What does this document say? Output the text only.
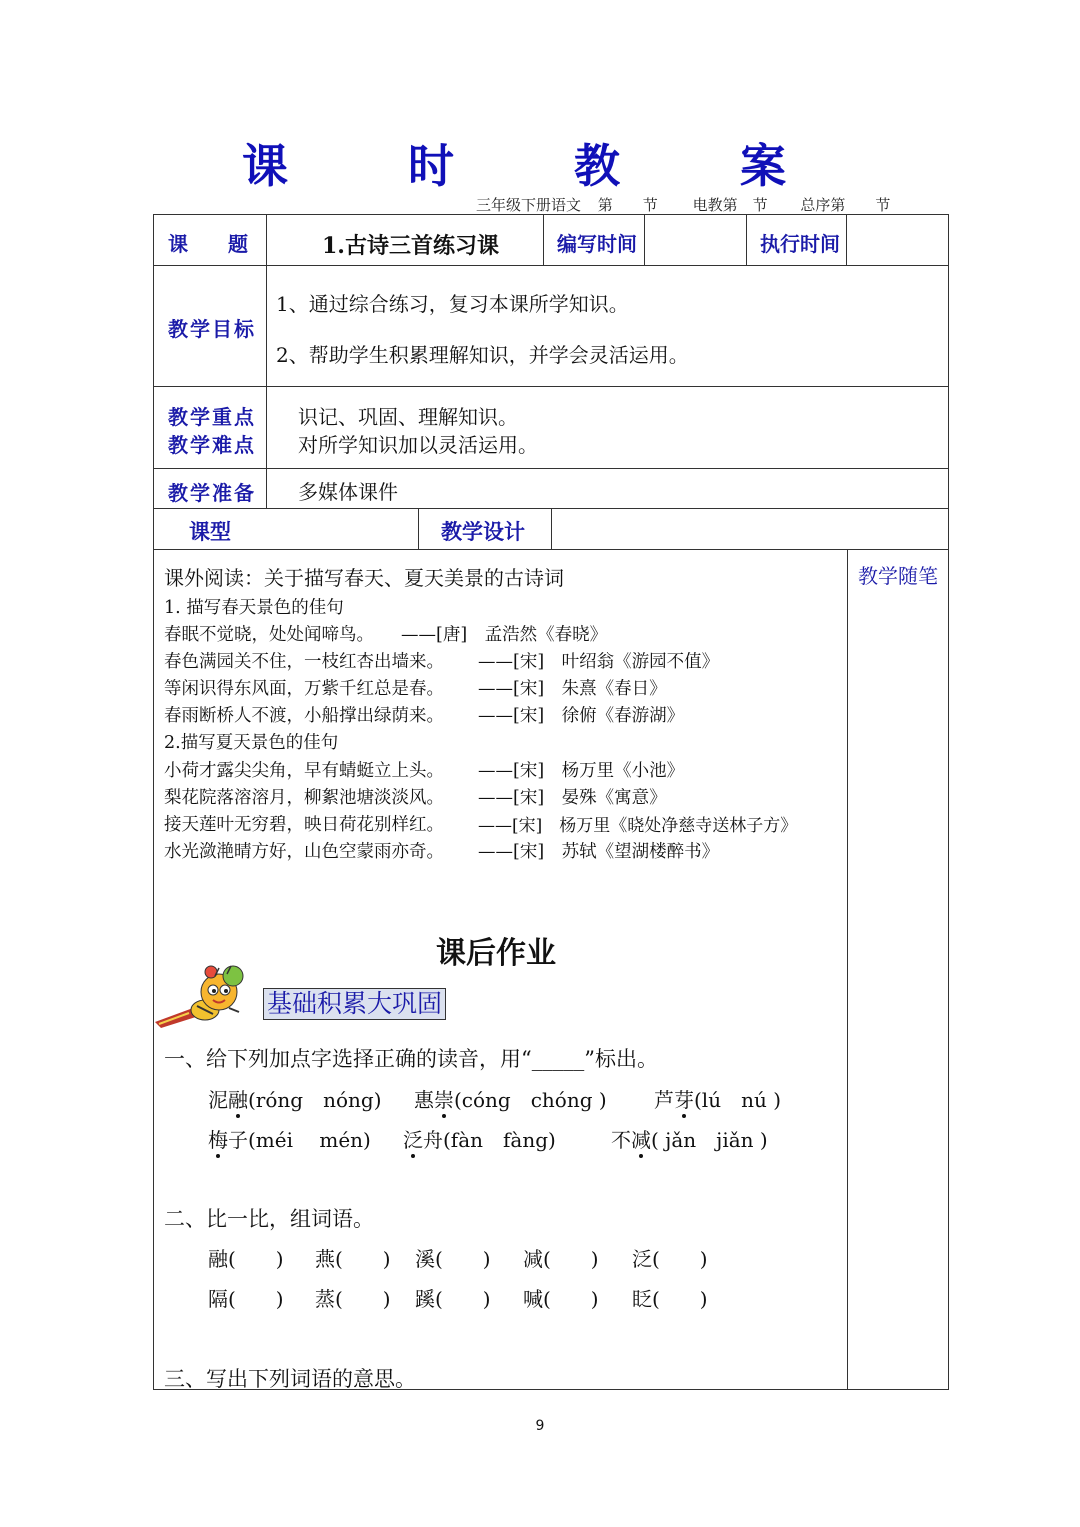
课 时 教 案
三年级下册语文 第　　节 电教第　节 总序第　　节
课　　题	1.古诗三首练习课	编写时间	执行时间
教学目标
1、通过综合练习，复习本课所学知识。
2、帮助学生积累理解知识，并学会灵活运用。
教学重点
教学难点
识记、巩固、理解知识。
对所学知识加以灵活运用。
教学准备 多媒体课件
课型	教学设计
教学随笔
课外阅读：关于描写春天、夏天美景的古诗词
1. 描写春天景色的佳句
春眠不觉晓，处处闻啼鸟。 ——[唐]　孟浩然《春晓》
春色满园关不住，一枝红杏出墙来。 ——[宋]　叶绍翁《游园不值》
等闲识得东风面，万紫千红总是春。 ——[宋]　朱熹《春日》
春雨断桥人不渡，小船撑出绿荫来。 ——[宋]　徐俯《春游湖》
2.描写夏天景色的佳句
小荷才露尖尖角，早有蜻蜓立上头。 ——[宋]　杨万里《小池》
梨花院落溶溶月，柳絮池塘淡淡风。 ——[宋]　晏殊《寓意》
接天莲叶无穷碧，映日荷花别样红。 ——[宋]　杨万里《晓处净慈寺送林子方》
水光潋滟晴方好，山色空蒙雨亦奇。 ——[宋]　苏轼《望湖楼醉书》
课后作业
基础积累大巩固
一、给下列加点字选择正确的读音，用“_____”标出。
泥融(róng　nóng) 惠崇(cóng　chóng ) 芦芽(lú　nú )
梅子(méi　 mén) 泛舟(fàn　fàng)	不减( jǎn　jiǎn )
二、比一比，组词语。
融(　　) 燕(　　) 溪(　　) 减(　　) 泛(　　)
隔(　　) 蒸(　　) 蹊(　　) 喊(　　) 眨(　　)
三、写出下列词语的意思。
9
